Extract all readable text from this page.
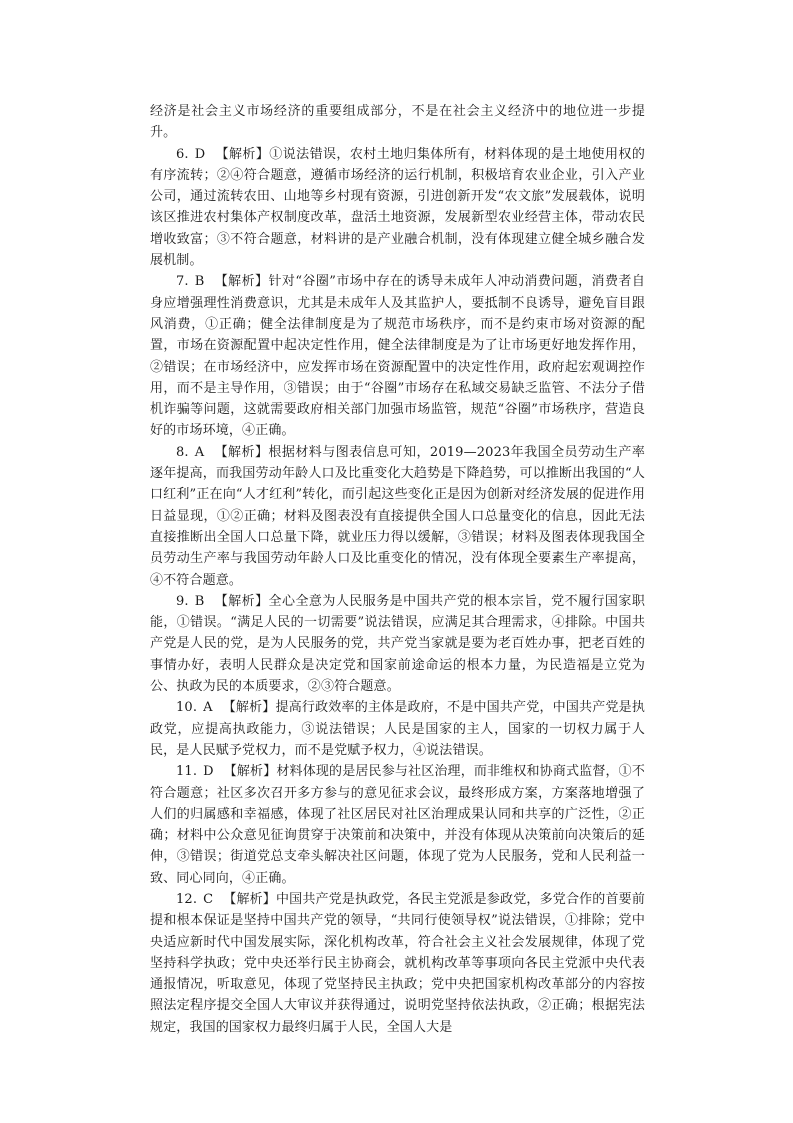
经济是社会主义市场经济的重要组成部分，不是在社会主义经济中的地位进一步提升。

6. D 【解析】①说法错误，农村土地归集体所有，材料体现的是土地使用权的有序流转；②④符合题意，遵循市场经济的运行机制，积极培育农业企业，引入产业公司，通过流转农田、山地等乡村现有资源，引进创新开发“农文旅”发展载体，说明该区推进农村集体产权制度改革，盘活土地资源，发展新型农业经营主体，带动农民增收致富；③不符合题意，材料讲的是产业融合机制，没有体现建立健全城乡融合发展机制。

7. B 【解析】针对“谷圈”市场中存在的诱导未成年人冲动消费问题，消费者自身应增强理性消费意识，尤其是未成年人及其监护人，要抵制不良诱导，避免盲目跟风消费，①正确；健全法律制度是为了规范市场秩序，而不是约束市场对资源的配置，市场在资源配置中起决定性作用，健全法律制度是为了让市场更好地发挥作用，②错误；在市场经济中，应发挥市场在资源配置中的决定性作用，政府起宏观调控作用，而不是主导作用，③错误；由于“谷圈”市场存在私域交易缺乏监管、不法分子借机诈骗等问题，这就需要政府相关部门加强市场监管，规范“谷圈”市场秩序，营造良好的市场环境，④正确。

8. A 【解析】根据材料与图表信息可知，2019—2023年我国全员劳动生产率逐年提高，而我国劳动年龄人口及比重变化大趋势是下降趋势，可以推断出我国的“人口红利”正在向“人才红利”转化，而引起这些变化正是因为创新对经济发展的促进作用日益显现，①②正确；材料及图表没有直接提供全国人口总量变化的信息，因此无法直接推断出全国人口总量下降，就业压力得以缓解，③错误；材料及图表体现我国全员劳动生产率与我国劳动年龄人口及比重变化的情况，没有体现全要素生产率提高，④不符合题意。

9. B 【解析】全心全意为人民服务是中国共产党的根本宗旨，党不履行国家职能，①错误。“满足人民的一切需要”说法错误，应满足其合理需求，④排除。中国共产党是人民的党，是为人民服务的党，共产党当家就是要为老百姓办事，把老百姓的事情办好，表明人民群众是决定党和国家前途命运的根本力量，为民造福是立党为公、执政为民的本质要求，②③符合题意。

10. A 【解析】提高行政效率的主体是政府，不是中国共产党，中国共产党是执政党，应提高执政能力，③说法错误；人民是国家的主人，国家的一切权力属于人民，是人民赋予党权力，而不是党赋予权力，④说法错误。

11. D 【解析】材料体现的是居民参与社区治理，而非维权和协商式监督，①不符合题意；社区多次召开多方参与的意见征求会议，最终形成方案，方案落地增强了人们的归属感和幸福感，体现了社区居民对社区治理成果认同和共享的广泛性，②正确；材料中公众意见征询贯穿于决策前和决策中，并没有体现从决策前向决策后的延伸，③错误；街道党总支牵头解决社区问题，体现了党为人民服务，党和人民利益一致、同心同向，④正确。

12. C 【解析】中国共产党是执政党，各民主党派是参政党，多党合作的首要前提和根本保证是坚持中国共产党的领导，“共同行使领导权”说法错误，①排除；党中央适应新时代中国发展实际，深化机构改革，符合社会主义社会发展规律，体现了党坚持科学执政；党中央还举行民主协商会，就机构改革等事项向各民主党派中央代表通报情况，听取意见，体现了党坚持民主执政；党中央把国家机构改革部分的内容按照法定程序提交全国人大审议并获得通过，说明党坚持依法执政，②正确；根据宪法规定，我国的国家权力最终归属于人民，全国人大是
